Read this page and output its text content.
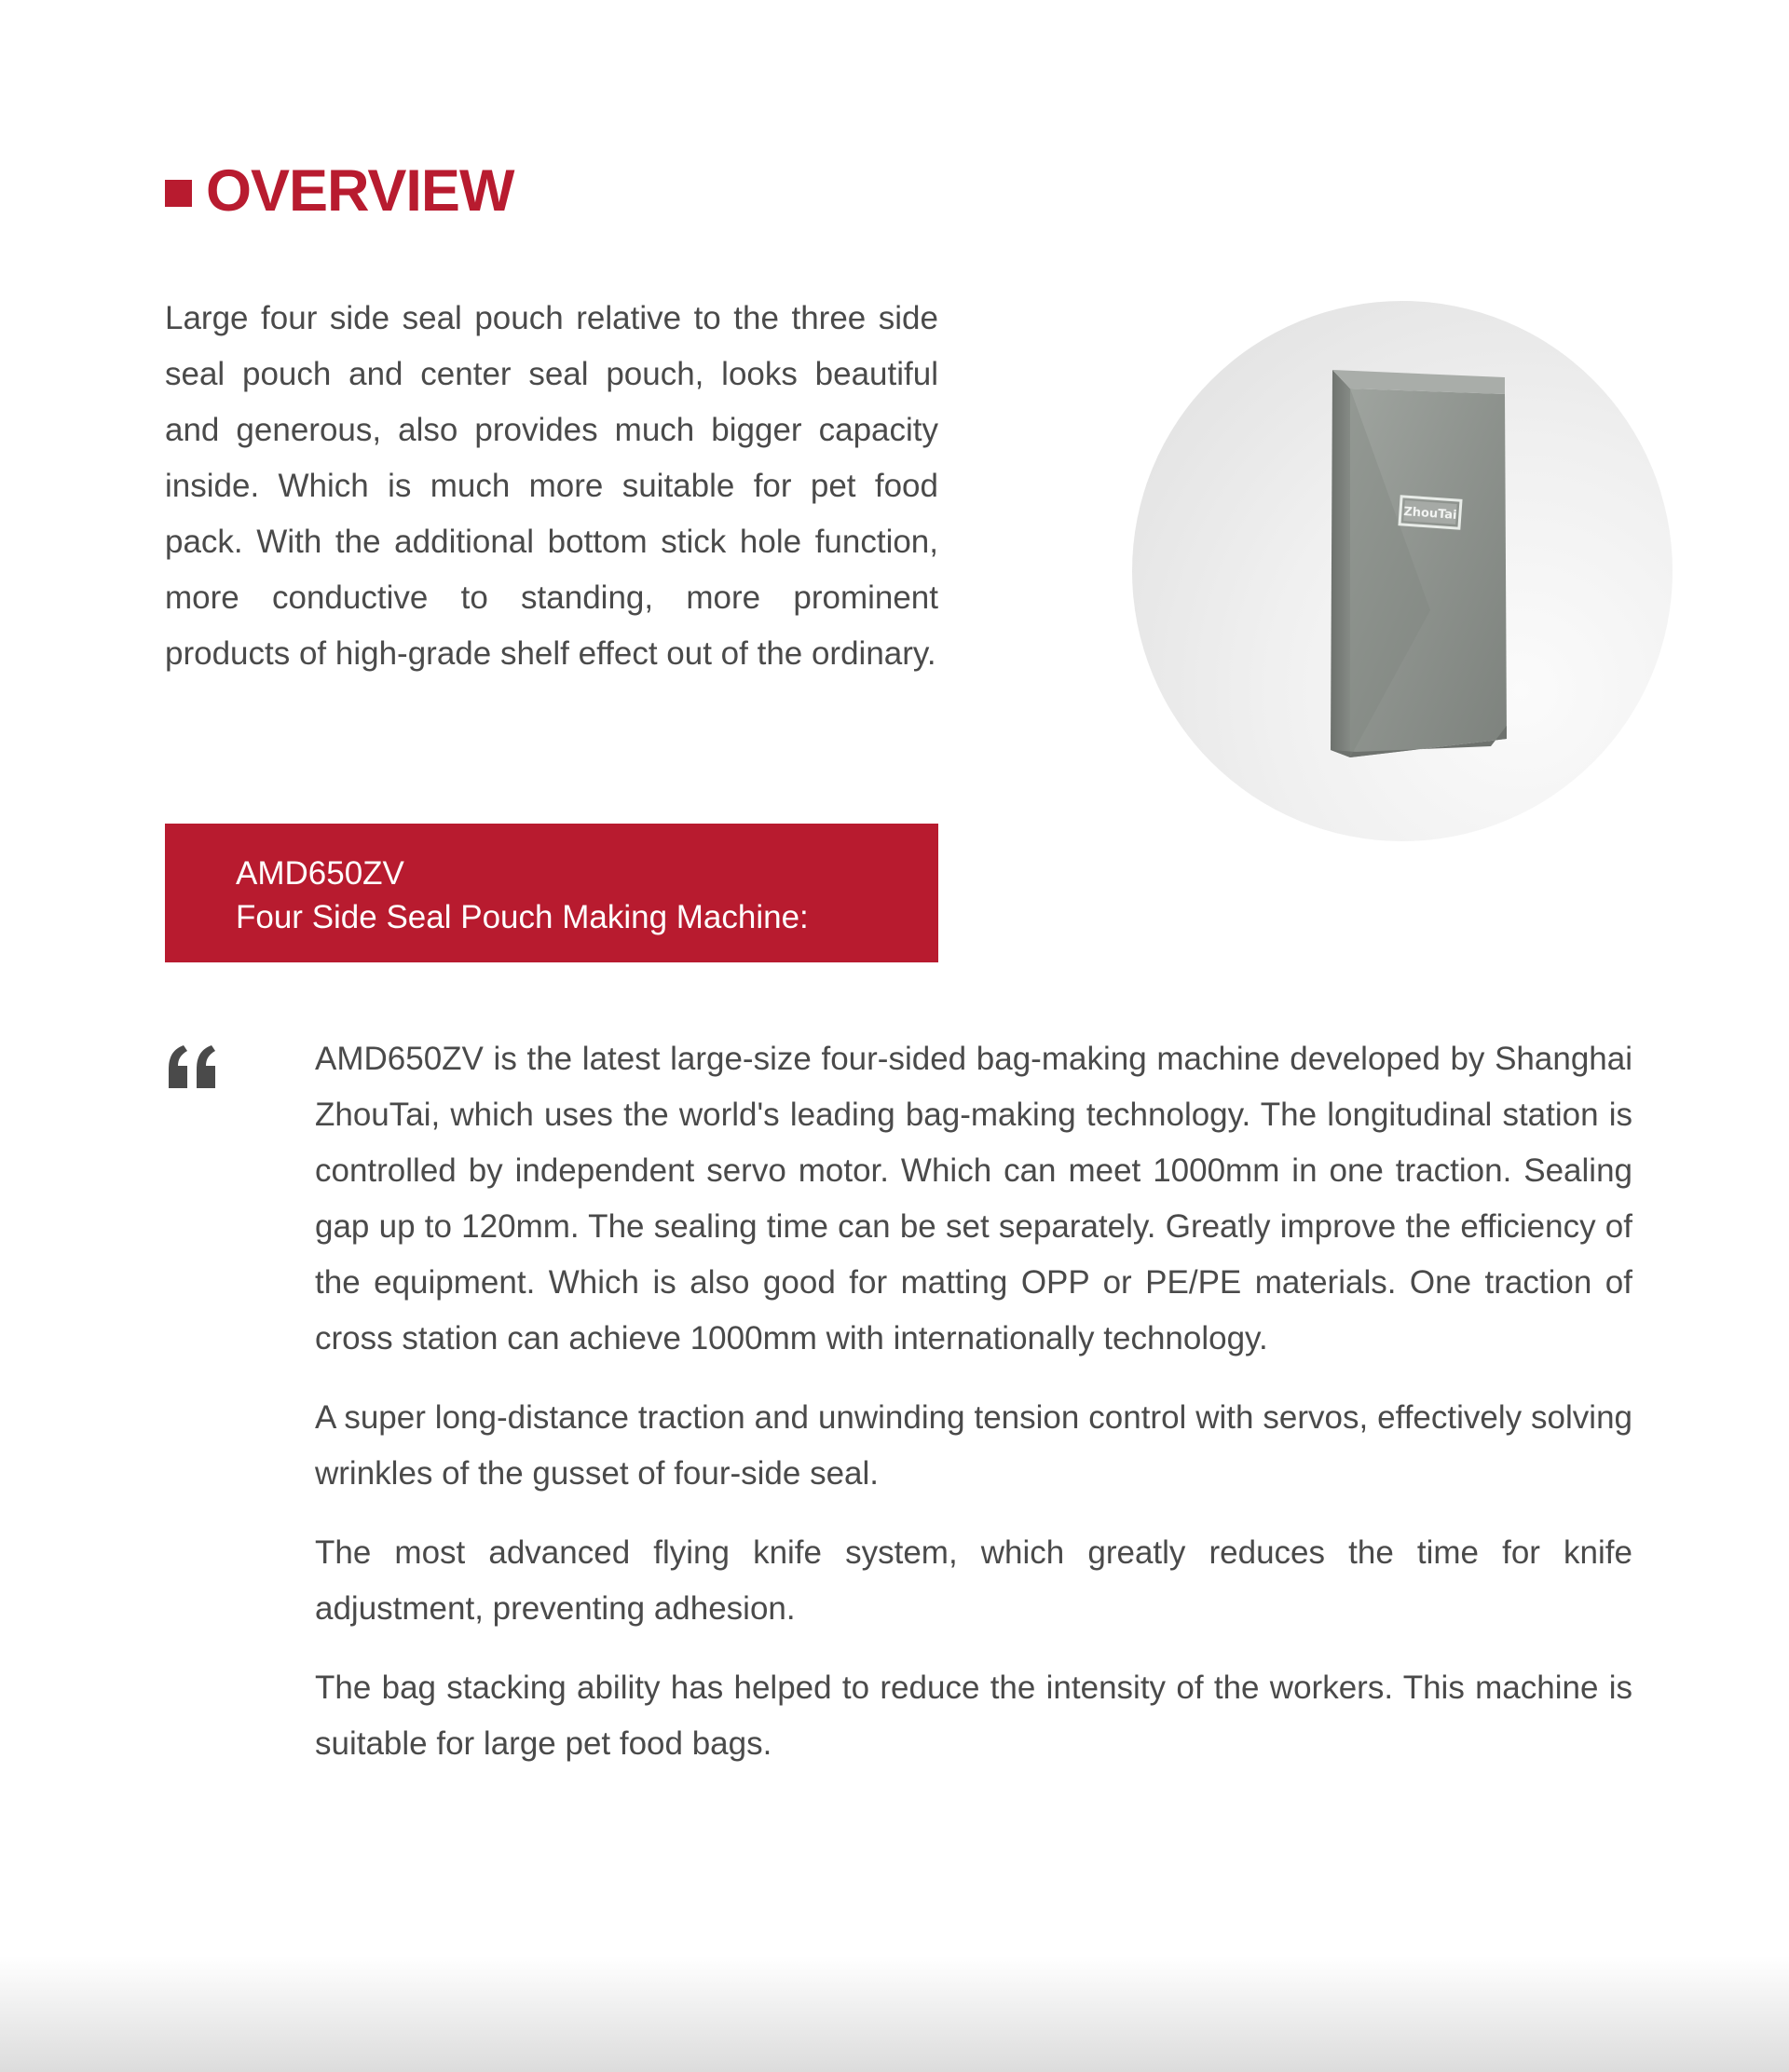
OVERVIEW

Large four side seal pouch relative to the three side seal pouch and center seal pouch, looks beautiful and generous, also provides much bigger capacity inside. Which is much more suitable for pet food pack. With the additional bottom stick hole function, more conductive to standing, more prominent products of high-grade shelf effect out of the ordinary.

ZhouTai
AMD650ZV
Four Side Seal Pouch Making Machine:

AMD650ZV is the latest large-size four-sided bag-making machine developed by Shanghai ZhouTai, which uses the world's leading bag-making technology. The longitudinal station is controlled by independent servo motor. Which can meet 1000mm in one traction. Sealing gap up to 120mm. The sealing time can be set separately. Greatly improve the efficiency of the equipment. Which is also good for matting OPP or PE/PE materials. One traction of cross station can achieve 1000mm with internationally technology.

A super long-distance traction and unwinding tension control with servos, effectively solving wrinkles of the gusset of four-side seal.

The most advanced flying knife system, which greatly reduces the time for knife adjustment, preventing adhesion.

The bag stacking ability has helped to reduce the intensity of the workers. This machine is suitable for large pet food bags.
